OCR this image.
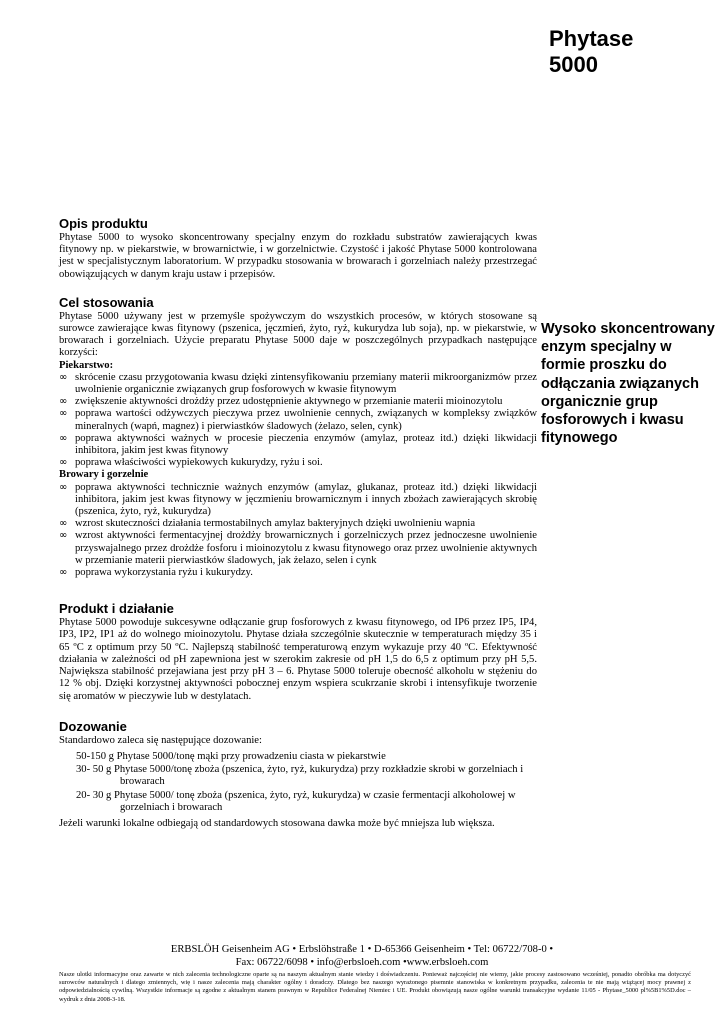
Phytase
5000
Wysoko skoncentrowany enzym specjalny w formie proszku do odłączania związanych organicznie grup fosforowych i kwasu fitynowego
Opis produktu

Phytase 5000 to wysoko skoncentrowany specjalny enzym do rozkładu substratów zawierających kwas fitynowy np. w piekarstwie, w browarnictwie, i w gorzelnictwie. Czystość i jakość Phytase 5000 kontrolowana jest w specjalistycznym laboratorium. W przypadku stosowania w browarach i gorzelniach należy przestrzegać obowiązujących w danym kraju ustaw i przepisów.

Cel stosowania

Phytase 5000 używany jest w przemyśle spożywczym do wszystkich procesów, w których stosowane są surowce zawierające kwas fitynowy (pszenica, jęczmień, żyto, ryż, kukurydza lub soja), np. w piekarstwie, w browarach i gorzelniach. Użycie preparatu Phytase 5000 daje w poszczególnych przypadkach następujące korzyści:

Piekarstwo:

∞ skrócenie czasu przygotowania kwasu dzięki zintensyfikowaniu przemiany materii mikroorganizmów przez uwolnienie organicznie związanych grup fosforowych w kwasie fitynowym
∞ zwiększenie aktywności drożdży przez udostępnienie aktywnego w przemianie materii mioinozytolu
∞ poprawa wartości odżywczych pieczywa przez uwolnienie cennych, związanych w kompleksy związków mineralnych (wapń, magnez) i pierwiastków śladowych (żelazo, selen, cynk)
∞ poprawa aktywności ważnych w procesie pieczenia enzymów (amylaz, proteaz itd.) dzięki likwidacji inhibitora, jakim jest kwas fitynowy
∞ poprawa właściwości wypiekowych kukurydzy, ryżu i soi.

Browary i gorzelnie

∞ poprawa aktywności technicznie ważnych enzymów (amylaz, glukanaz, proteaz itd.) dzięki likwidacji inhibitora, jakim jest kwas fitynowy w jęczmieniu browarnicznym i innych zbożach zawierających skrobię (pszenica, żyto, ryż, kukurydza)
∞ wzrost skuteczności działania termostabilnych amylaz bakteryjnych dzięki uwolnieniu wapnia
∞ wzrost aktywności fermentacyjnej drożdży browarnicznych i gorzelniczych przez jednoczesne uwolnienie przyswajalnego przez drożdże fosforu i mioinozytolu z kwasu fitynowego oraz przez uwolnienie aktywnych w przemianie materii pierwiastków śladowych, jak żelazo, selen i cynk
∞ poprawa wykorzystania ryżu i kukurydzy.
Produkt i działanie

Phytase 5000 powoduje sukcesywne odłączanie grup fosforowych z kwasu fitynowego, od IP6 przez IP5, IP4, IP3, IP2, IP1 aż do wolnego mioinozytolu. Phytase działa szczególnie skutecznie w temperaturach między 35 i 65 ºC z optimum przy 50 ºC. Najlepszą stabilność temperaturową enzym wykazuje przy 40 ºC. Efektywność działania w zależności od pH zapewniona jest w szerokim zakresie od pH 1,5 do 6,5 z optimum przy pH 5,5. Największa stabilność przejawiana jest przy pH 3 – 6. Phytase 5000 toleruje obecność alkoholu w stężeniu do 12 % obj. Dzięki korzystnej aktywności pobocznej enzym wspiera scukrzanie skrobi i intensyfikuje tworzenie się aromatów w pieczywie lub w destylatach.

Dozowanie

Standardowo zaleca się następujące dozowanie:

50-150 g Phytase 5000/tonę mąki przy prowadzeniu ciasta w piekarstwie
30- 50 g Phytase 5000/tonę zboża (pszenica, żyto, ryż, kukurydza) przy rozkładzie skrobi w gorzelniach i browarach
20- 30 g Phytase 5000/ tonę zboża (pszenica, żyto, ryż, kukurydza) w czasie fermentacji alkoholowej w gorzelniach i browarach

Jeżeli warunki lokalne odbiegają od standardowych stosowana dawka może być mniejsza lub większa.

ERBSLÖH Geisenheim AG • Erbslöhstraße 1 • D-65366 Geisenheim • Tel: 06722/708-0 •
Fax: 06722/6098 • info@erbsloeh.com •www.erbsloeh.com
Nasze ulotki informacyjne oraz zawarte w nich zalecenia technologiczne oparte są na naszym aktualnym stanie wiedzy i doświadczeniu. Ponieważ najczęściej nie wiemy, jakie procesy zastosowano wcześniej, ponadto obróbka ma dotyczyć surowców naturalnych i dlatego zmiennych, wię i nasze zalecenia mają charakter ogólny i doradczy. Dlatego bez naszego wyrażonego pisemnie stanowiska w konkretnym przypadku, zalecenia te nie mają wiążącej mocy prawnej z odpowiedzialnością cywilną. Wszystkie informacje są zgodne z aktualnym stanem prawnym w Republice Federalnej Niemiec i UE. Produkt obowiązują nasze ogólne warunki transakcyjne wydanie 11/05 - Phytase_5000 pl%5B1%5D.doc – wydruk z dnia 2008-3-18.
